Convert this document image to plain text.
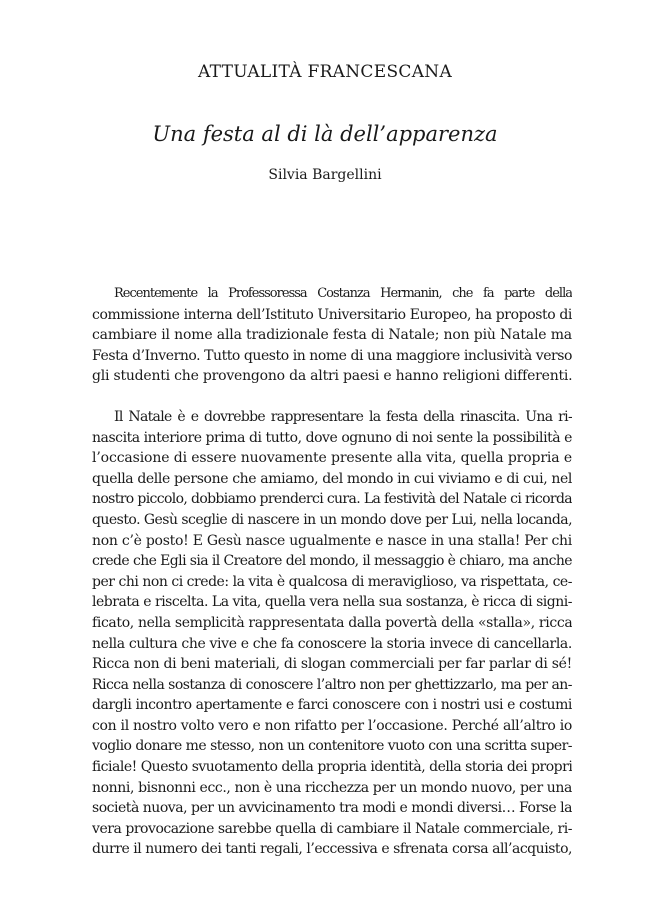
ATTUALITÀ FRANCESCANA
Una festa al di là dell’apparenza
Silvia Bargellini
Recentemente la Professoressa Costanza Hermanin, che fa parte della
commissione interna dell’Istituto Universitario Europeo, ha proposto di
cambiare il nome alla tradizionale festa di Natale; non più Natale ma
Festa d’Inverno. Tutto questo in nome di una maggiore inclusività verso
gli studenti che provengono da altri paesi e hanno religioni differenti.
Il Natale è e dovrebbe rappresentare la festa della rinascita. Una ri-
nascita interiore prima di tutto, dove ognuno di noi sente la possibilità e
l’occasione di essere nuovamente presente alla vita, quella propria e
quella delle persone che amiamo, del mondo in cui viviamo e di cui, nel
nostro piccolo, dobbiamo prenderci cura. La festività del Natale ci ricorda
questo. Gesù sceglie di nascere in un mondo dove per Lui, nella locanda,
non c’è posto! E Gesù nasce ugualmente e nasce in una stalla! Per chi
crede che Egli sia il Creatore del mondo, il messaggio è chiaro, ma anche
per chi non ci crede: la vita è qualcosa di meraviglioso, va rispettata, ce-
lebrata e riscelta. La vita, quella vera nella sua sostanza, è ricca di signi-
ficato, nella semplicità rappresentata dalla povertà della «stalla», ricca
nella cultura che vive e che fa conoscere la storia invece di cancellarla.
Ricca non di beni materiali, di slogan commerciali per far parlar di sé!
Ricca nella sostanza di conoscere l’altro non per ghettizzarlo, ma per an-
dargli incontro apertamente e farci conoscere con i nostri usi e costumi
con il nostro volto vero e non rifatto per l’occasione. Perché all’altro io
voglio donare me stesso, non un contenitore vuoto con una scritta super-
ficiale! Questo svuotamento della propria identità, della storia dei propri
nonni, bisnonni ecc., non è una ricchezza per un mondo nuovo, per una
società nuova, per un avvicinamento tra modi e mondi diversi… Forse la
vera provocazione sarebbe quella di cambiare il Natale commerciale, ri-
durre il numero dei tanti regali, l’eccessiva e sfrenata corsa all’acquisto,
